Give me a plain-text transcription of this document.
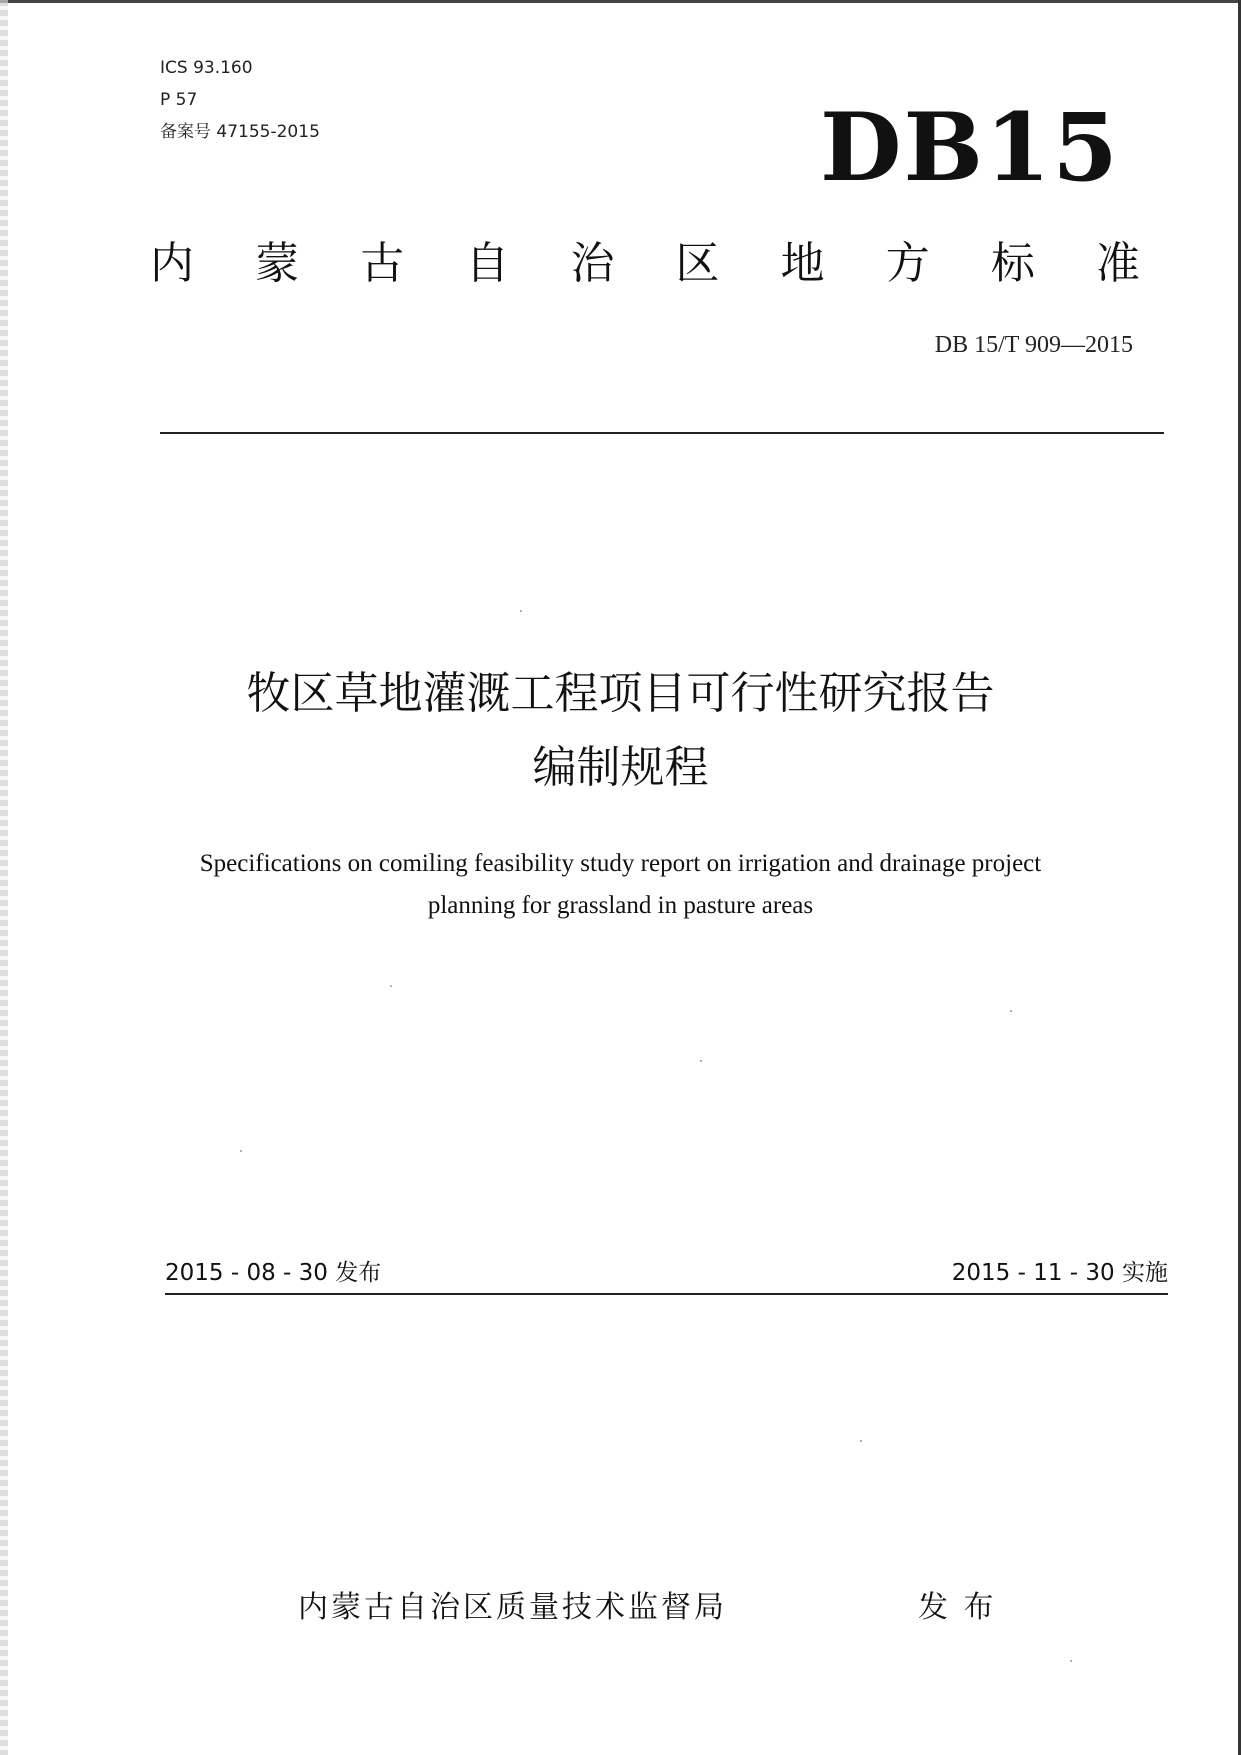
ICS 93.160
P 57
备案号 47155-2015	DB15
内 蒙 古 自 治 区 地 方 标 准
DB 15/T 909—2015
牧区草地灌溉工程项目可行性研究报告
编制规程
Specifications on comiling feasibility study report on irrigation and drainage project
planning for grassland in pasture areas
2015 - 08 - 30 发布	2015 - 11 - 30 实施
内蒙古自治区质量技术监督局	发 布
